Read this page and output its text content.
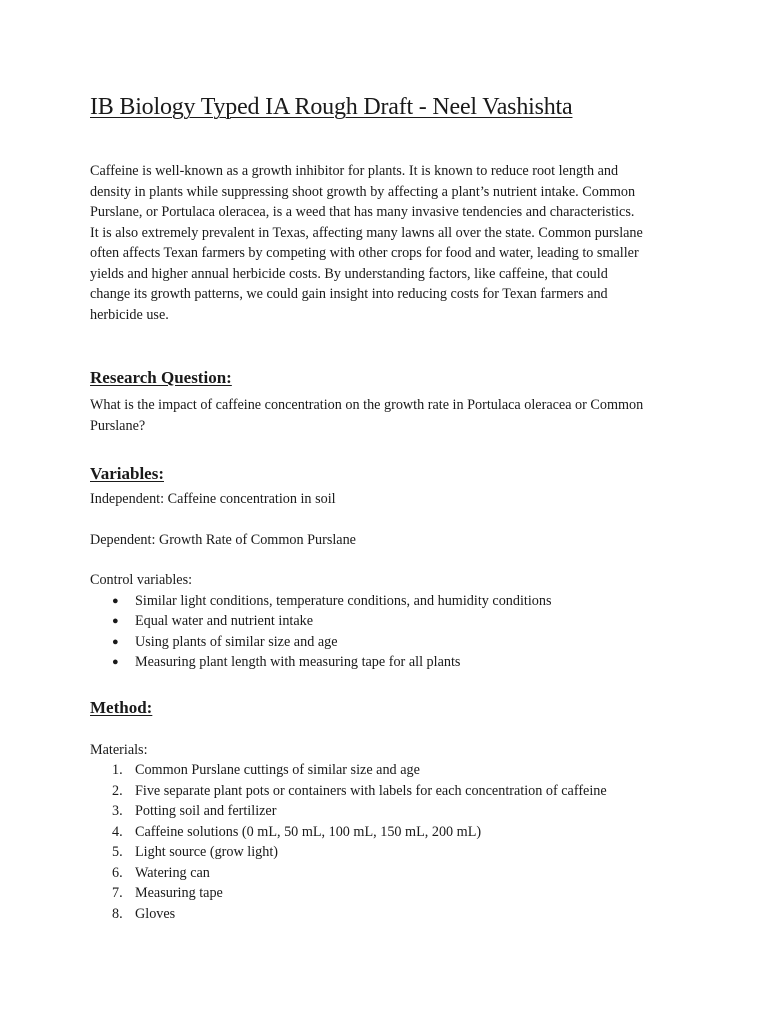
IB Biology Typed IA Rough Draft - Neel Vashishta
Caffeine is well-known as a growth inhibitor for plants. It is known to reduce root length and
density in plants while suppressing shoot growth by affecting a plant’s nutrient intake. Common
Purslane, or Portulaca oleracea, is a weed that has many invasive tendencies and characteristics.
It is also extremely prevalent in Texas, affecting many lawns all over the state. Common purslane
often affects Texan farmers by competing with other crops for food and water, leading to smaller
yields and higher annual herbicide costs. By understanding factors, like caffeine, that could
change its growth patterns, we could gain insight into reducing costs for Texan farmers and
herbicide use.
Research Question:
What is the impact of caffeine concentration on the growth rate in Portulaca oleracea or Common
Purslane?
Variables:

Independent: Caffeine concentration in soil

Dependent: Growth Rate of Common Purslane

Control variables:

● Similar light conditions, temperature conditions, and humidity conditions
● Equal water and nutrient intake
● Using plants of similar size and age
● Measuring plant length with measuring tape for all plants
Method:

Materials:

1. Common Purslane cuttings of similar size and age
2. Five separate plant pots or containers with labels for each concentration of caffeine
3. Potting soil and fertilizer
4. Caffeine solutions (0 mL, 50 mL, 100 mL, 150 mL, 200 mL)
5. Light source (grow light)
6. Watering can
7. Measuring tape
8. Gloves
